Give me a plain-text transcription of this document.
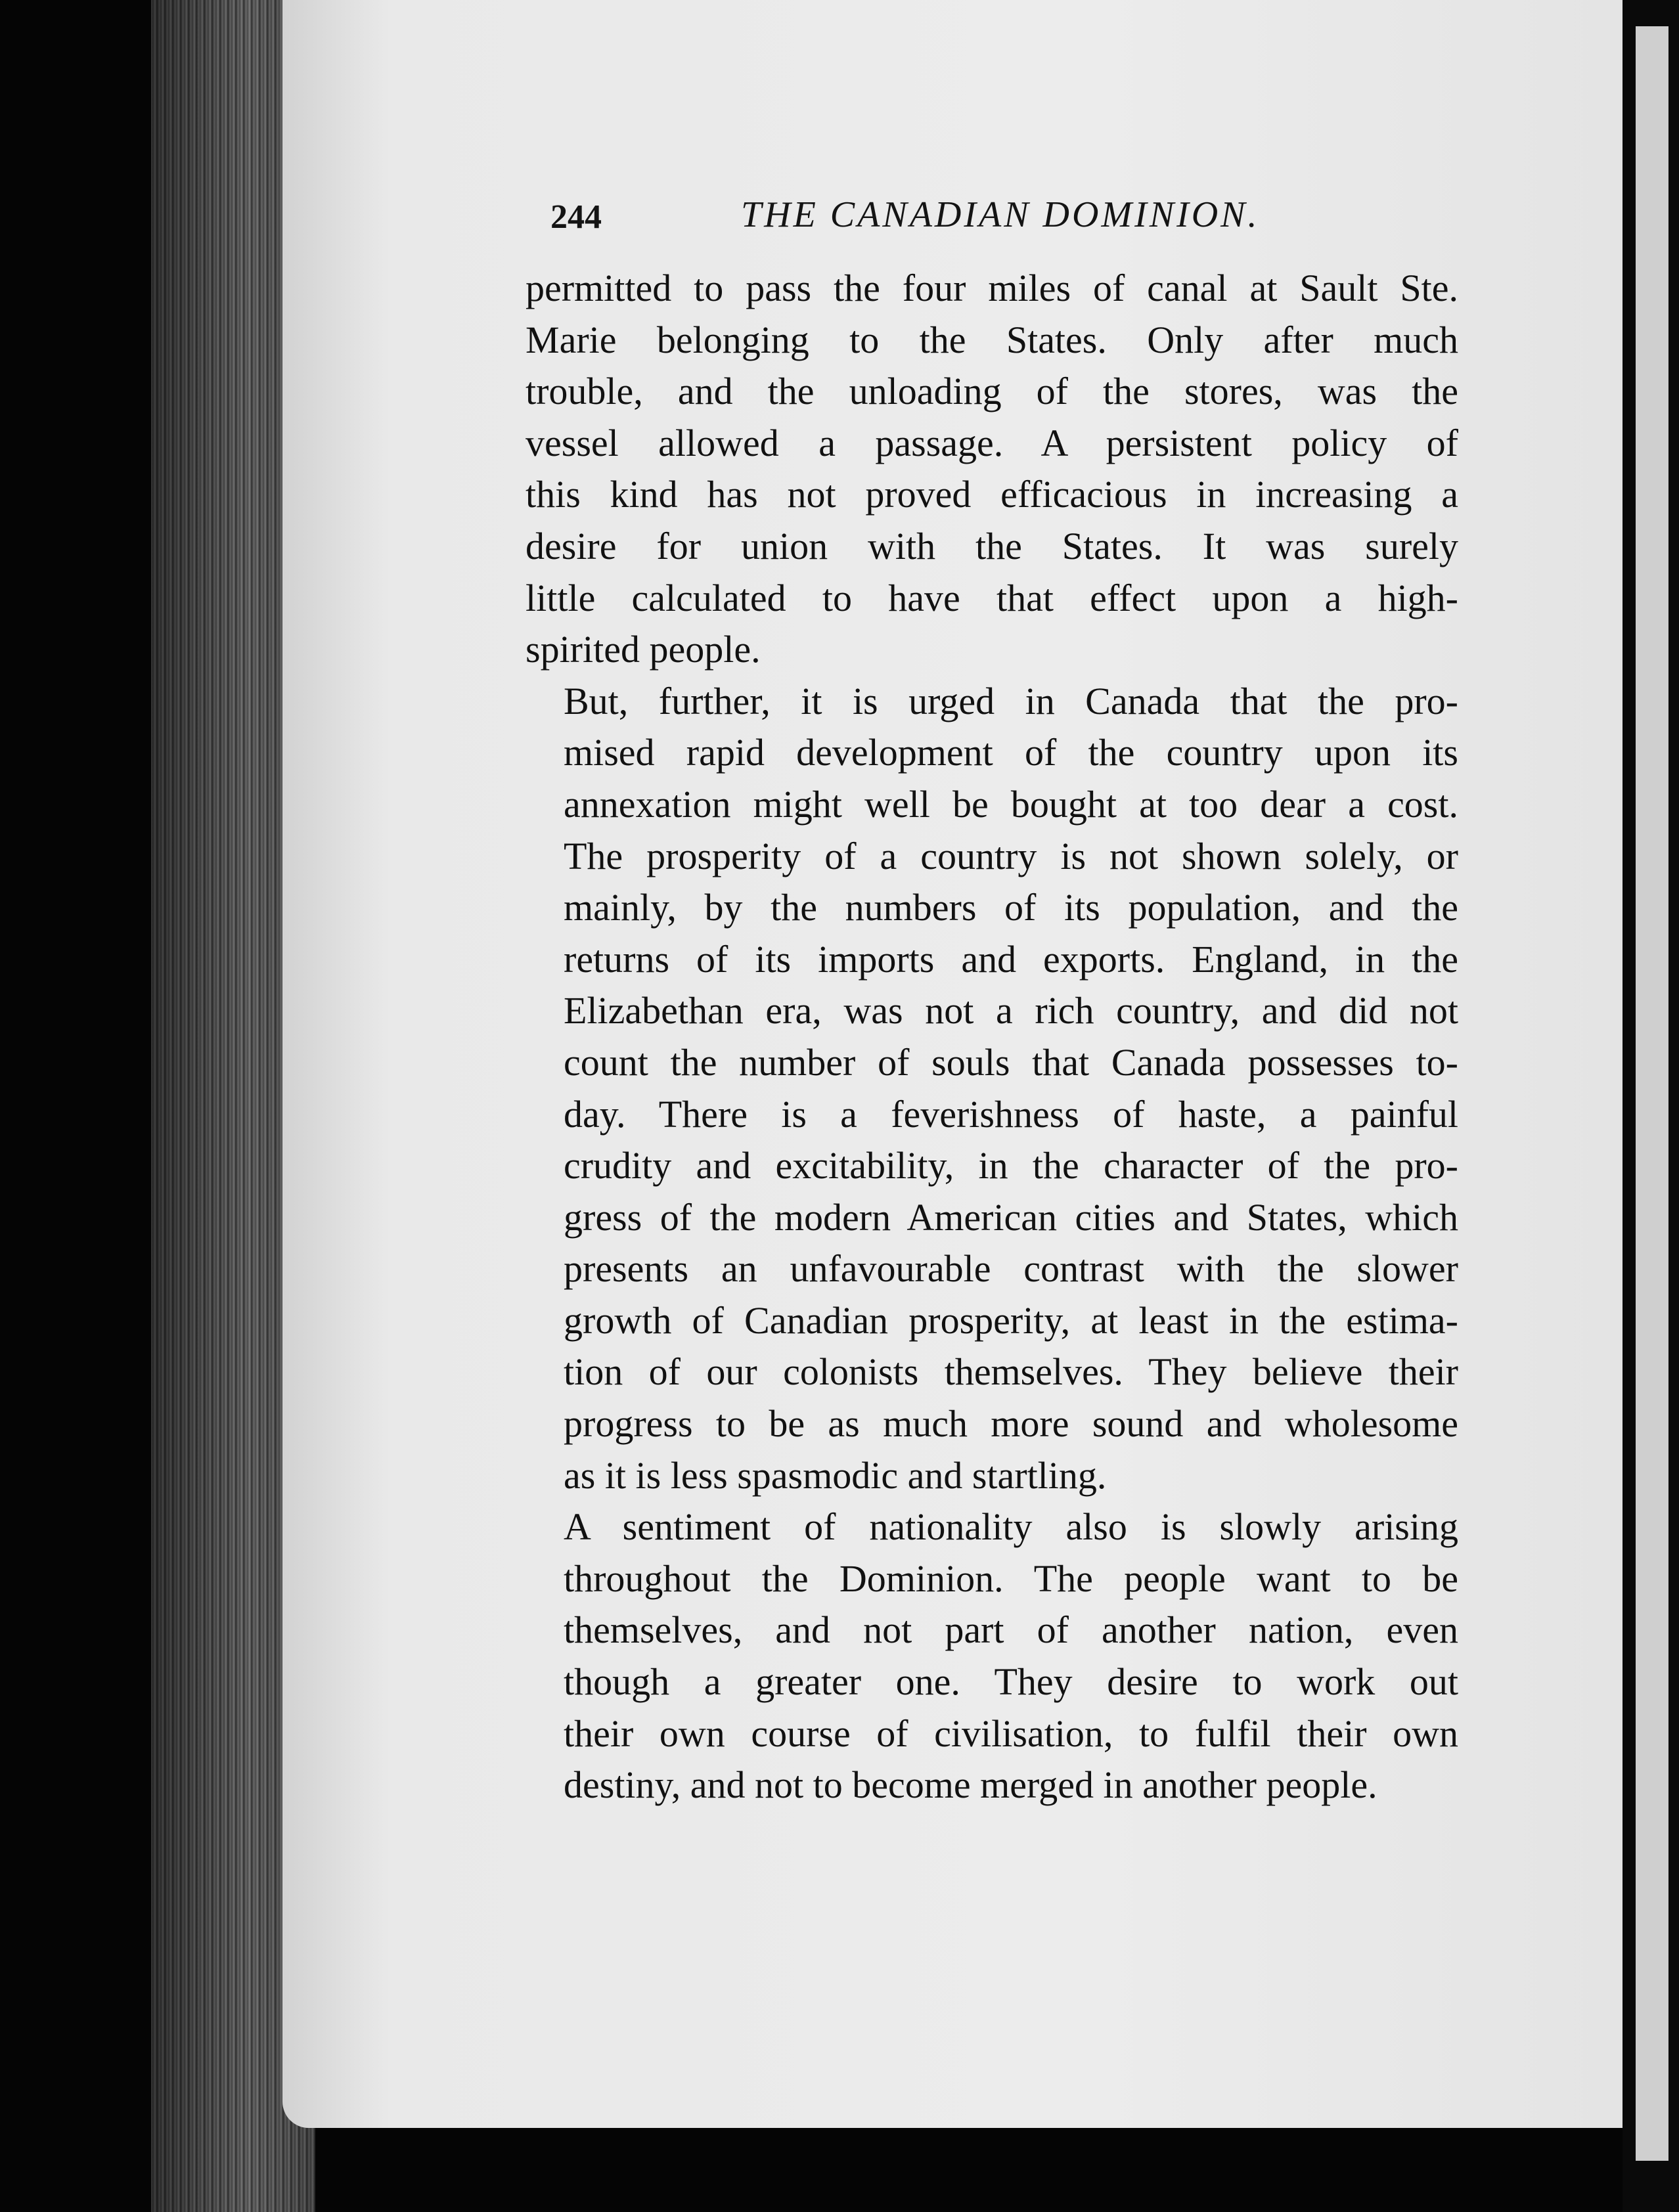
244	THE CANADIAN DOMINION.

permitted to pass the four miles of canal at Sault Ste.
Marie belonging to the States. Only after much
trouble, and the unloading of the stores, was the
vessel allowed a passage. A persistent policy of
this kind has not proved efficacious in increasing a
desire for union with the States. It was surely
little calculated to have that effect upon a high-
spirited people.

But, further, it is urged in Canada that the pro-
mised rapid development of the country upon its
annexation might well be bought at too dear a cost.
The prosperity of a country is not shown solely, or
mainly, by the numbers of its population, and the
returns of its imports and exports. England, in the
Elizabethan era, was not a rich country, and did not
count the number of souls that Canada possesses to-
day. There is a feverishness of haste, a painful
crudity and excitability, in the character of the pro-
gress of the modern American cities and States, which
presents an unfavourable contrast with the slower
growth of Canadian prosperity, at least in the estima-
tion of our colonists themselves. They believe their
progress to be as much more sound and wholesome
as it is less spasmodic and startling.

A sentiment of nationality also is slowly arising
throughout the Dominion. The people want to be
themselves, and not part of another nation, even
though a greater one. They desire to work out
their own course of civilisation, to fulfil their own
destiny, and not to become merged in another people.
